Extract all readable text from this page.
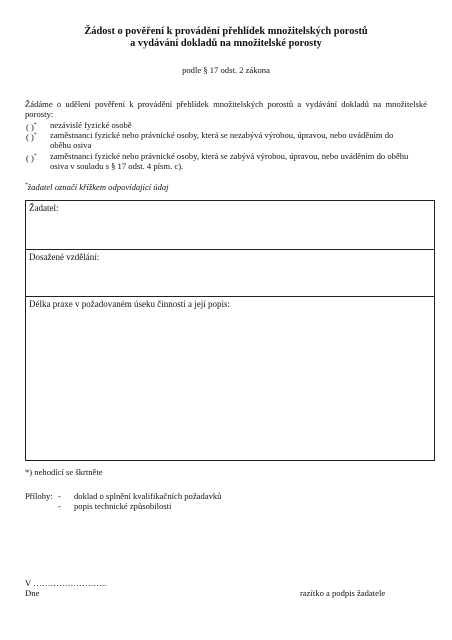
Žádost o pověření k provádění přehlídek množitelských porostů
a vydávání dokladů na množitelské porosty
podle § 17 odst. 2 zákona
Žádáme o udělení pověření k provádění přehlídek množitelských porostů a vydávání dokladů na množitelské porosty:
( )*	nezávislé fyzické osobě
( )*	zaměstnanci fyzické nebo právnické osoby, která se nezabývá výrobou, úpravou, nebo uváděním do oběhu osiva
( )*	zaměstnanci fyzické nebo právnické osoby, která se zabývá výrobou, úpravou, nebo uváděním do oběhu osiva v souladu s § 17 odst. 4 písm. c).
*žadatel označí křížkem odpovídající údaj
Žadatel:
Dosažené vzdělání:
Délka praxe v požadovaném úseku činnosti a její popis:
*) nehodící se škrtněte
Přílohy: - doklad o splnění kvalifikačních požadavků
- popis technické způsobilosti
V ……………………..
Dne	razítko a podpis žadatele
